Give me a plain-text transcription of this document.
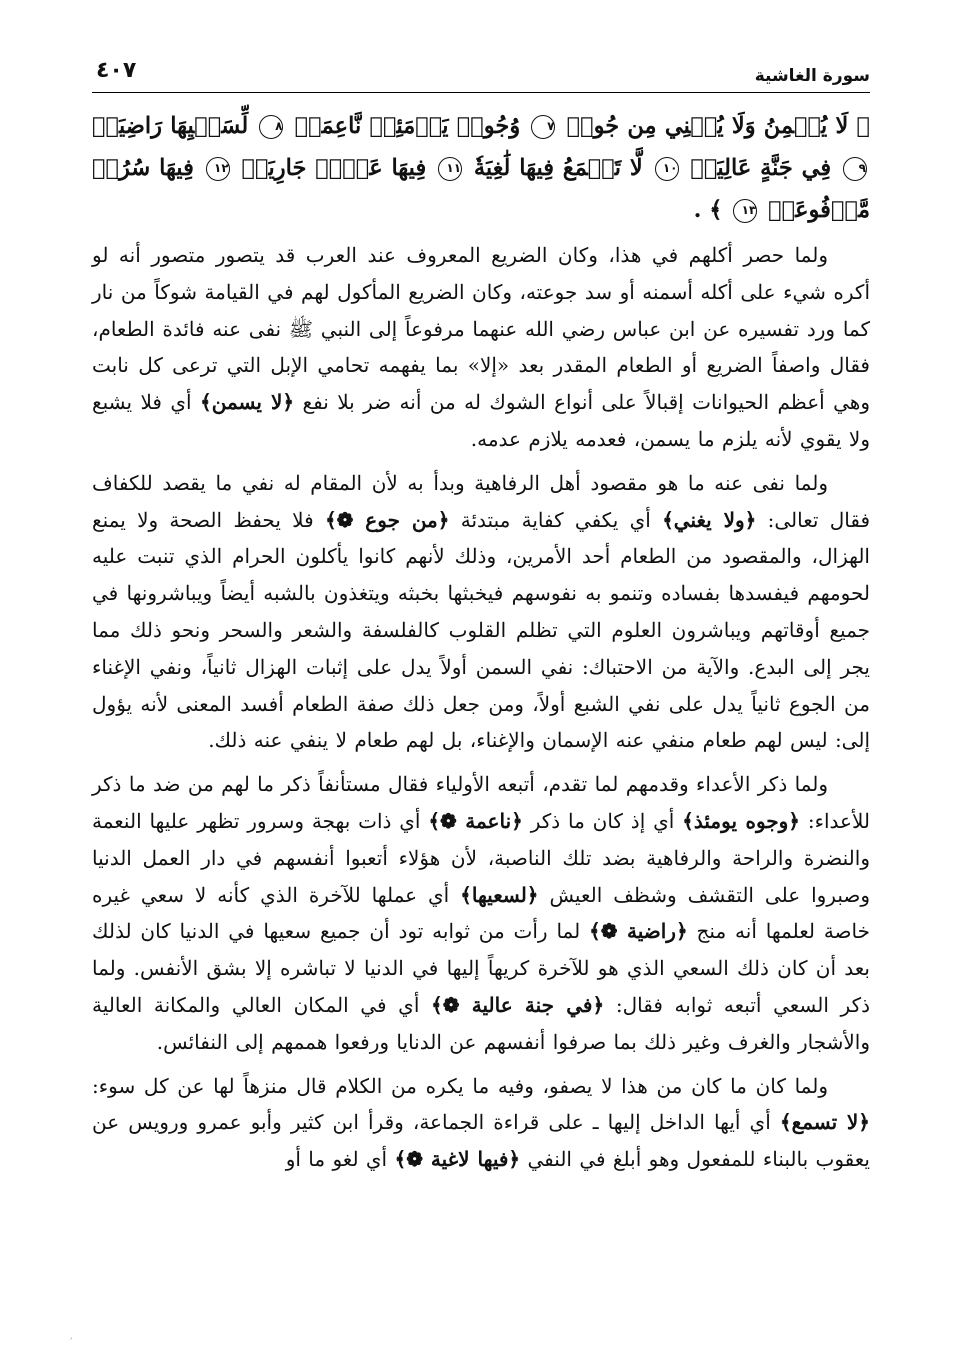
سورة الغاشية
٤٠٧
﴿ لَا يُسۡمِنُ وَلَا يُغۡنِي مِن جُوعٖ ٧ وُجُوهٞ يَوۡمَئِذٖ نَّاعِمَةٞ ٨ لِّسَعۡيِهَا رَاضِيَةٞ ٩ فِي جَنَّةٍ عَالِيَةٖ ١٠ لَّا تَسۡمَعُ فِيهَا لَٰغِيَةٗ ١١ فِيهَا عَيۡنٞ جَارِيَةٞ ١٢ فِيهَا سُرُرٞ مَّرۡفُوعَةٞ ١٣ ﴾ .

ولما حصر أكلهم في هذا، وكان الضريع المعروف عند العرب قد يتصور متصور أنه لو أكره شيء على أكله أسمنه أو سد جوعته، وكان الضريع المأكول لهم في القيامة شوكاً من نار كما ورد تفسيره عن ابن عباس رضي الله عنهما مرفوعاً إلى النبي ﷺ نفى عنه فائدة الطعام، فقال واصفاً الضريع أو الطعام المقدر بعد «إلا» بما يفهمه تحامي الإبل التي ترعى كل نابت وهي أعظم الحيوانات إقبالاً على أنواع الشوك له من أنه ضر بلا نفع ﴿لا يسمن﴾ أي فلا يشبع ولا يقوي لأنه يلزم ما يسمن، فعدمه يلازم عدمه.

ولما نفى عنه ما هو مقصود أهل الرفاهية وبدأ به لأن المقام له نفي ما يقصد للكفاف فقال تعالى: ﴿ولا يغني﴾ أي يكفي كفاية مبتدئة ﴿من جوع ❁﴾ فلا يحفظ الصحة ولا يمنع الهزال، والمقصود من الطعام أحد الأمرين، وذلك لأنهم كانوا يأكلون الحرام الذي تنبت عليه لحومهم فيفسدها بفساده وتنمو به نفوسهم فيخبثها بخبثه ويتغذون بالشبه أيضاً ويباشرونها في جميع أوقاتهم ويباشرون العلوم التي تظلم القلوب كالفلسفة والشعر والسحر ونحو ذلك مما يجر إلى البدع. والآية من الاحتباك: نفي السمن أولاً يدل على إثبات الهزال ثانياً، ونفي الإغناء من الجوع ثانياً يدل على نفي الشبع أولاً، ومن جعل ذلك صفة الطعام أفسد المعنى لأنه يؤول إلى: ليس لهم طعام منفي عنه الإسمان والإغناء، بل لهم طعام لا ينفي عنه ذلك.

ولما ذكر الأعداء وقدمهم لما تقدم، أتبعه الأولياء فقال مستأنفاً ذكر ما لهم من ضد ما ذكر للأعداء: ﴿وجوه يومئذ﴾ أي إذ كان ما ذكر ﴿ناعمة ❁﴾ أي ذات بهجة وسرور تظهر عليها النعمة والنضرة والراحة والرفاهية بضد تلك الناصبة، لأن هؤلاء أتعبوا أنفسهم في دار العمل الدنيا وصبروا على التقشف وشظف العيش ﴿لسعيها﴾ أي عملها للآخرة الذي كأنه لا سعي غيره خاصة لعلمها أنه منج ﴿راضية ❁﴾ لما رأت من ثوابه تود أن جميع سعيها في الدنيا كان لذلك بعد أن كان ذلك السعي الذي هو للآخرة كريهاً إليها في الدنيا لا تباشره إلا بشق الأنفس. ولما ذكر السعي أتبعه ثوابه فقال: ﴿في جنة عالية ❁﴾ أي في المكان العالي والمكانة العالية والأشجار والغرف وغير ذلك بما صرفوا أنفسهم عن الدنايا ورفعوا هممهم إلى النفائس.

ولما كان ما كان من هذا لا يصفو، وفيه ما يكره من الكلام قال منزهاً لها عن كل سوء: ﴿لا تسمع﴾ أي أيها الداخل إليها ـ على قراءة الجماعة، وقرأ ابن كثير وأبو عمرو ورويس عن يعقوب بالبناء للمفعول وهو أبلغ في النفي ﴿فيها لاغية ❁﴾ أي لغو ما أو

׳
